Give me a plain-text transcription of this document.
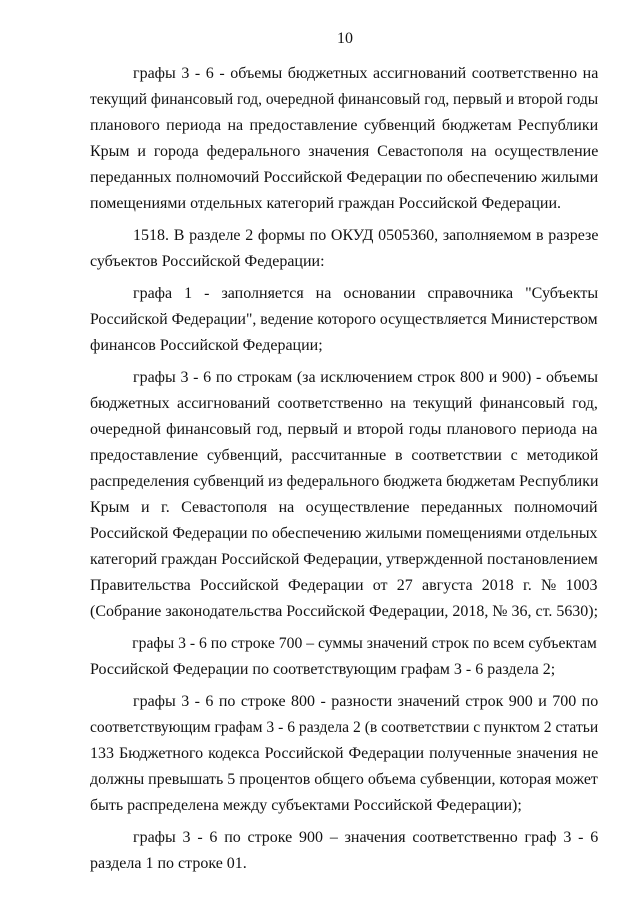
10

графы 3 - 6 - объемы бюджетных ассигнований соответственно на
текущий финансовый год, очередной финансовый год, первый и второй годы
планового периода на предоставление субвенций бюджетам Республики
Крым и города федерального значения Севастополя на осуществление
переданных полномочий Российской Федерации по обеспечению жилыми
помещениями отдельных категорий граждан Российской Федерации.

1518. В разделе 2 формы по ОКУД 0505360, заполняемом в разрезе
субъектов Российской Федерации:

графа 1 - заполняется на основании справочника "Субъекты
Российской Федерации", ведение которого осуществляется Министерством
финансов Российской Федерации;

графы 3 - 6 по строкам (за исключением строк 800 и 900) - объемы
бюджетных ассигнований соответственно на текущий финансовый год,
очередной финансовый год, первый и второй годы планового периода на
предоставление субвенций, рассчитанные в соответствии с методикой
распределения субвенций из федерального бюджета бюджетам Республики
Крым и г. Севастополя на осуществление переданных полномочий
Российской Федерации по обеспечению жилыми помещениями отдельных
категорий граждан Российской Федерации, утвержденной постановлением
Правительства Российской Федерации от 27 августа 2018 г. № 1003
(Собрание законодательства Российской Федерации, 2018, № 36, ст. 5630);

графы 3 - 6 по строке 700 – суммы значений строк по всем субъектам
Российской Федерации по соответствующим графам 3 - 6 раздела 2;

графы 3 - 6 по строке 800 - разности значений строк 900 и 700 по
соответствующим графам 3 - 6 раздела 2 (в соответствии с пунктом 2 статьи
133 Бюджетного кодекса Российской Федерации полученные значения не
должны превышать 5 процентов общего объема субвенции, которая может
быть распределена между субъектами Российской Федерации);

графы 3 - 6 по строке 900 – значения соответственно граф 3 - 6
раздела 1 по строке 01.
